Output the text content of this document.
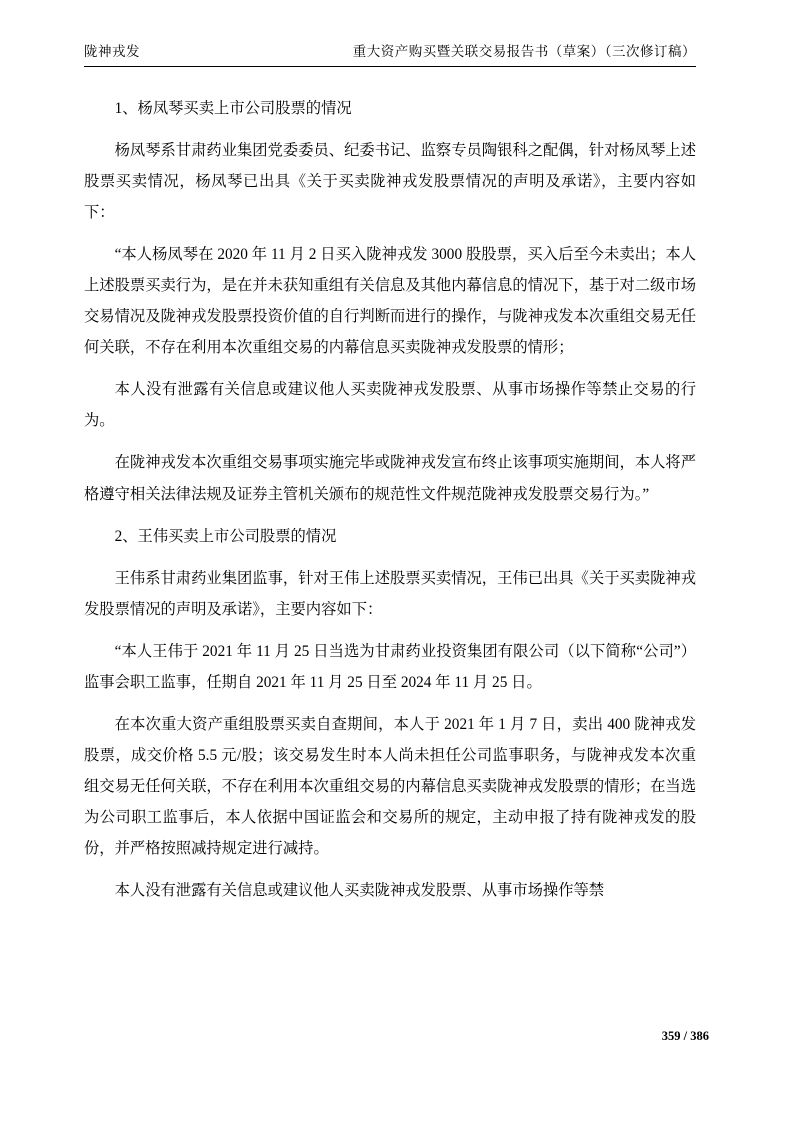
陇神戎发	重大资产购买暨关联交易报告书（草案）（三次修订稿）

1、杨凤琴买卖上市公司股票的情况

杨凤琴系甘肃药业集团党委委员、纪委书记、监察专员陶银科之配偶，针对杨凤琴上述股票买卖情况，杨凤琴已出具《关于买卖陇神戎发股票情况的声明及承诺》，主要内容如下：

“本人杨凤琴在 2020 年 11 月 2 日买入陇神戎发 3000 股股票，买入后至今未卖出；本人上述股票买卖行为，是在并未获知重组有关信息及其他内幕信息的情况下，基于对二级市场交易情况及陇神戎发股票投资价值的自行判断而进行的操作，与陇神戎发本次重组交易无任何关联，不存在利用本次重组交易的内幕信息买卖陇神戎发股票的情形；

本人没有泄露有关信息或建议他人买卖陇神戎发股票、从事市场操作等禁止交易的行为。

在陇神戎发本次重组交易事项实施完毕或陇神戎发宣布终止该事项实施期间，本人将严格遵守相关法律法规及证券主管机关颁布的规范性文件规范陇神戎发股票交易行为。”

2、王伟买卖上市公司股票的情况

王伟系甘肃药业集团监事，针对王伟上述股票买卖情况，王伟已出具《关于买卖陇神戎发股票情况的声明及承诺》，主要内容如下：

“本人王伟于 2021 年 11 月 25 日当选为甘肃药业投资集团有限公司（以下简称“公司”）监事会职工监事，任期自 2021 年 11 月 25 日至 2024 年 11 月 25 日。

在本次重大资产重组股票买卖自查期间，本人于 2021 年 1 月 7 日，卖出 400 陇神戎发股票，成交价格 5.5 元/股；该交易发生时本人尚未担任公司监事职务，与陇神戎发本次重组交易无任何关联，不存在利用本次重组交易的内幕信息买卖陇神戎发股票的情形；在当选为公司职工监事后，本人依据中国证监会和交易所的规定，主动申报了持有陇神戎发的股份，并严格按照减持规定进行减持。

本人没有泄露有关信息或建议他人买卖陇神戎发股票、从事市场操作等禁

359 / 386
